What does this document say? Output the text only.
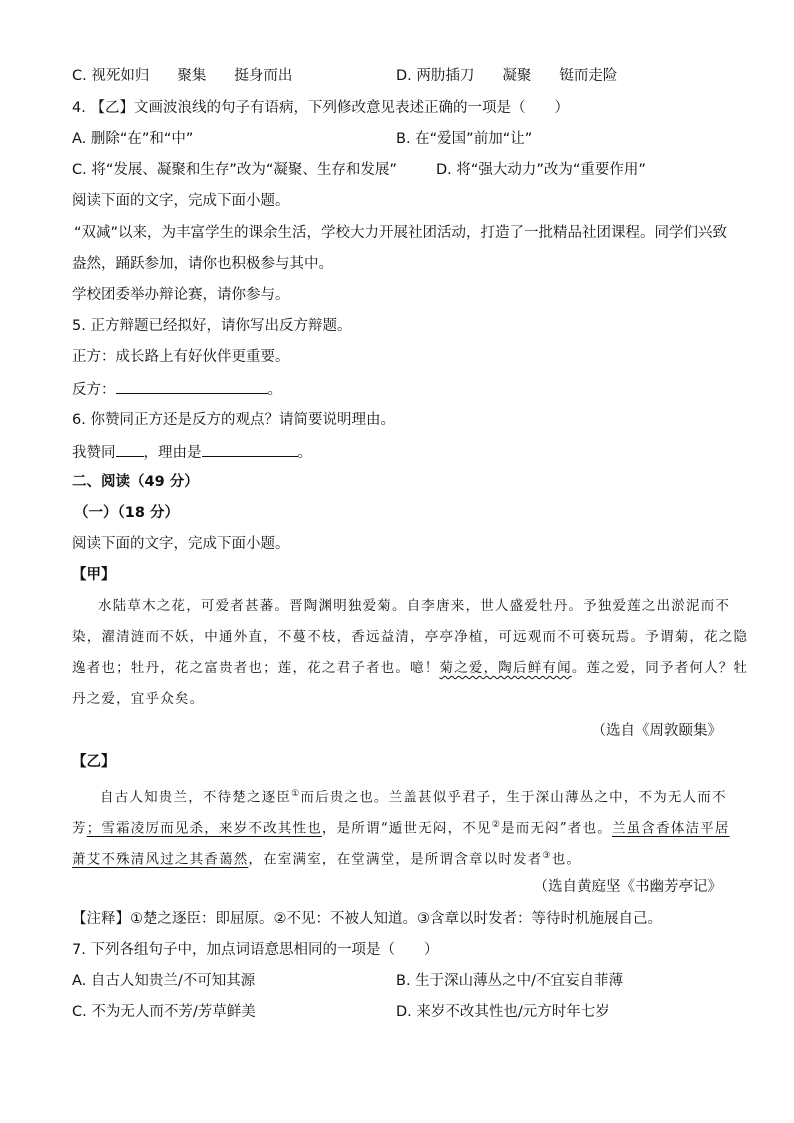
C. 视死如归 聚集 挺身而出	D. 两肋插刀 凝聚 铤而走险
4. 【乙】文画波浪线的句子有语病，下列修改意见表述正确的一项是（　　）
A. 删除“在”和“中”	B. 在“爱国”前加“让”
C. 将“发展、凝聚和生存”改为“凝聚、生存和发展”	D. 将“强大动力”改为“重要作用”
阅读下面的文字，完成下面小题。
“双减”以来，为丰富学生的课余生活，学校大力开展社团活动，打造了一批精品社团课程。同学们兴致
盎然，踊跃参加，请你也积极参与其中。
学校团委举办辩论赛，请你参与。
5. 正方辩题已经拟好，请你写出反方辩题。
正方：成长路上有好伙伴更重要。
反方：	。
6. 你赞同正方还是反方的观点？请简要说明理由。
我赞同 ，理由是	。
二、阅读（49 分）
（一）（18 分）
阅读下面的文字，完成下面小题。
【甲】
水陆草木之花，可爱者甚蕃。晋陶渊明独爱菊。自李唐来，世人盛爱牡丹。予独爱莲之出淤泥而不
染，濯清涟而不妖，中通外直，不蔓不枝，香远益清，亭亭净植，可远观而不可亵玩焉。予谓菊，花之隐
逸者也；牡丹，花之富贵者也；莲，花之君子者也。噫！菊之爱，陶后鲜有闻。莲之爱，同予者何人？牡
丹之爱，宜乎众矣。
（选自《周敦颐集》
【乙】
自古人知贵兰，不待楚之逐臣①而后贵之也。兰盖甚似乎君子，生于深山薄丛之中，不为无人而不
芳；雪霜凌厉而见杀，来岁不改其性也，是所谓“遁世无闷，不见②是而无闷”者也。兰虽含香体洁平居
萧艾不殊清风过之其香蔼然，在室满室，在堂满堂，是所谓含章以时发者③也。
（选自黄庭坚《书幽芳亭记》
【注释】①楚之逐臣：即屈原。②不见：不被人知道。③含章以时发者：等待时机施展自己。
7. 下列各组句子中，加点词语意思相同的一项是（　　）
A. 自古人知贵兰/不可知其源	B. 生于深山薄丛之中/不宜妄自菲薄
C. 不为无人而不芳/芳草鲜美	D. 来岁不改其性也/元方时年七岁
